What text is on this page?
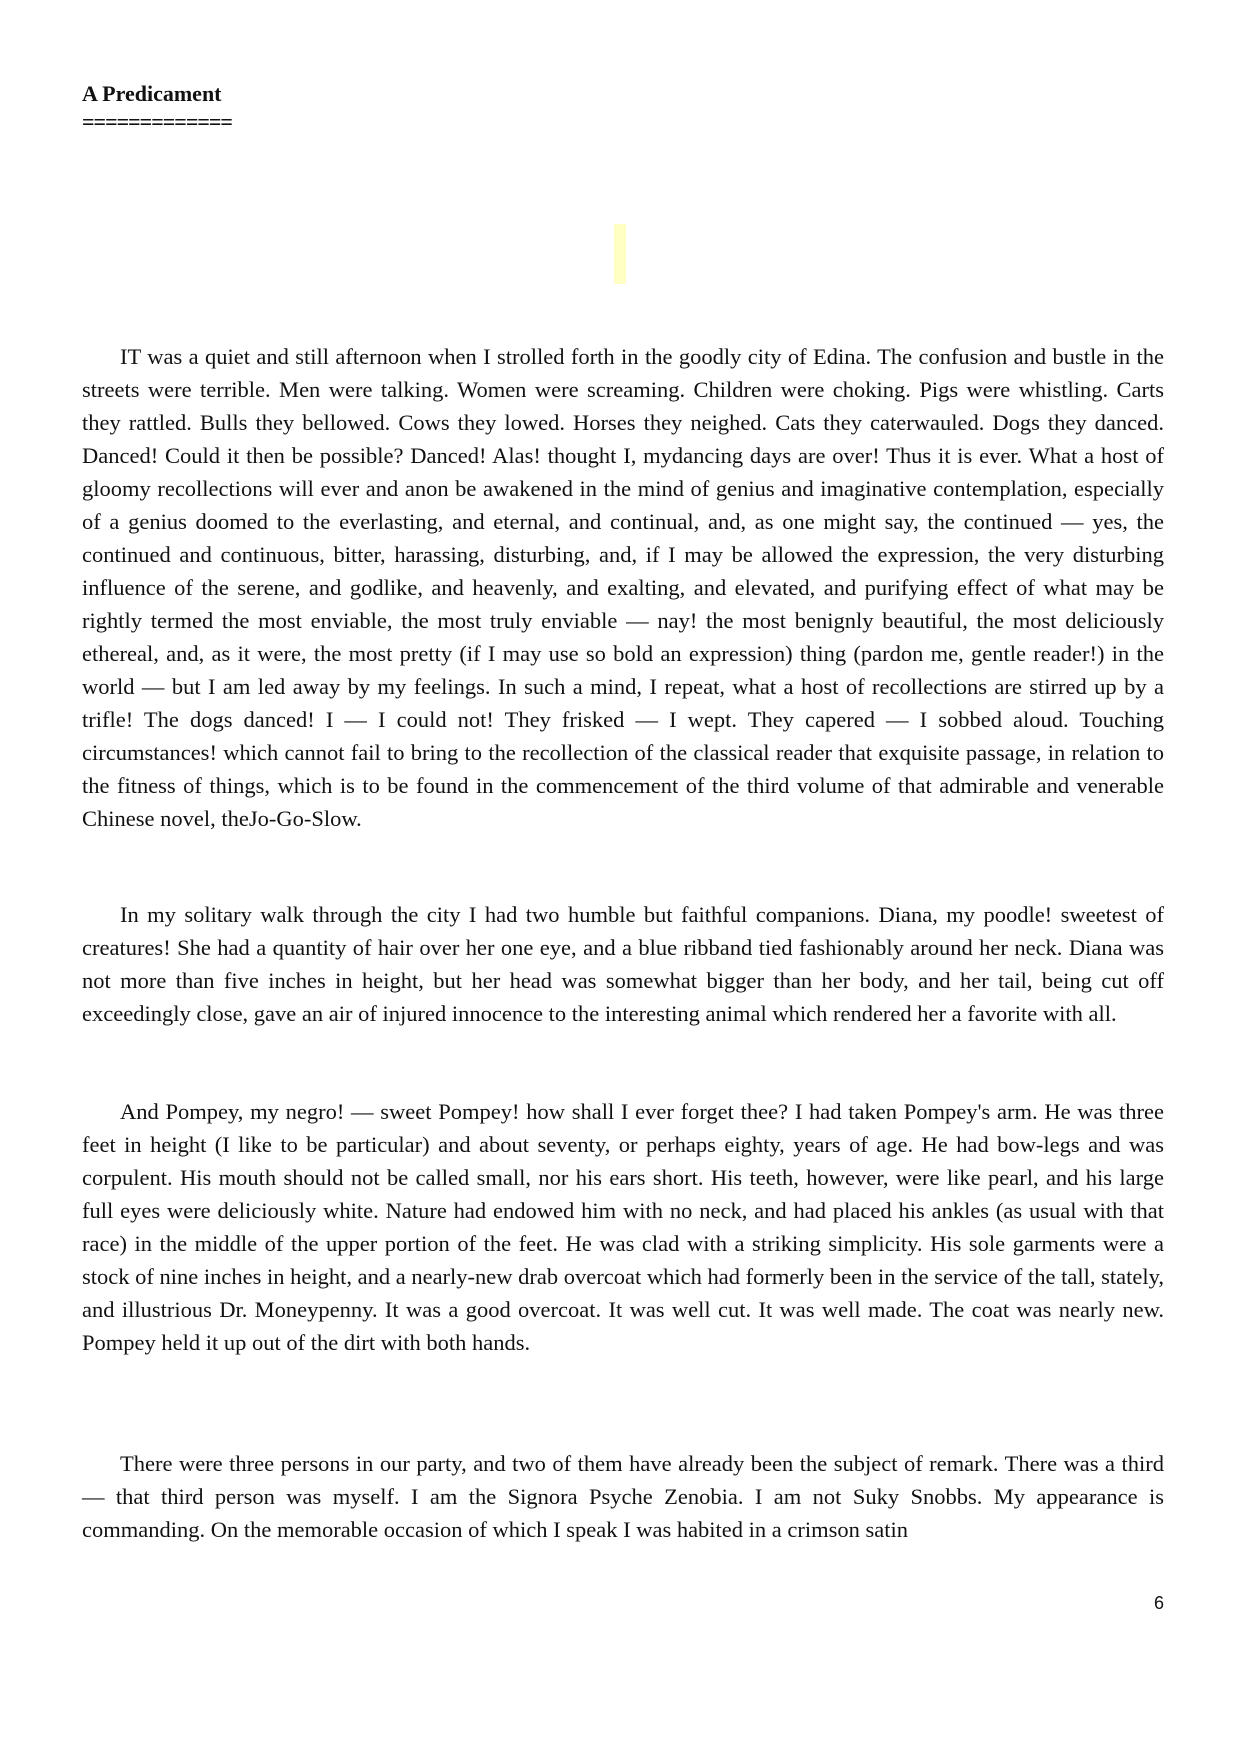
A Predicament
=============

IT was a quiet and still afternoon when I strolled forth in the goodly city of Edina. The confusion and bustle in the streets were terrible. Men were talking. Women were screaming. Children were choking. Pigs were whistling. Carts they rattled. Bulls they bellowed. Cows they lowed. Horses they neighed. Cats they caterwauled. Dogs they danced. Danced! Could it then be possible? Danced! Alas! thought I, mydancing days are over! Thus it is ever. What a host of gloomy recollections will ever and anon be awakened in the mind of genius and imaginative contemplation, especially of a genius doomed to the everlasting, and eternal, and continual, and, as one might say, the continued — yes, the continued and continuous, bitter, harassing, disturbing, and, if I may be allowed the expression, the very disturbing influence of the serene, and godlike, and heavenly, and exalting, and elevated, and purifying effect of what may be rightly termed the most enviable, the most truly enviable — nay! the most benignly beautiful, the most deliciously ethereal, and, as it were, the most pretty (if I may use so bold an expression) thing (pardon me, gentle reader!) in the world — but I am led away by my feelings. In such a mind, I repeat, what a host of recollections are stirred up by a trifle! The dogs danced! I — I could not! They frisked — I wept. They capered — I sobbed aloud. Touching circumstances! which cannot fail to bring to the recollection of the classical reader that exquisite passage, in relation to the fitness of things, which is to be found in the commencement of the third volume of that admirable and venerable Chinese novel, theJo-Go-Slow.

In my solitary walk through the city I had two humble but faithful companions. Diana, my poodle! sweetest of creatures! She had a quantity of hair over her one eye, and a blue ribband tied fashionably around her neck. Diana was not more than five inches in height, but her head was somewhat bigger than her body, and her tail, being cut off exceedingly close, gave an air of injured innocence to the interesting animal which rendered her a favorite with all.

And Pompey, my negro! — sweet Pompey! how shall I ever forget thee? I had taken Pompey's arm. He was three feet in height (I like to be particular) and about seventy, or perhaps eighty, years of age. He had bow-legs and was corpulent. His mouth should not be called small, nor his ears short. His teeth, however, were like pearl, and his large full eyes were deliciously white. Nature had endowed him with no neck, and had placed his ankles (as usual with that race) in the middle of the upper portion of the feet. He was clad with a striking simplicity. His sole garments were a stock of nine inches in height, and a nearly-new drab overcoat which had formerly been in the service of the tall, stately, and illustrious Dr. Moneypenny. It was a good overcoat. It was well cut. It was well made. The coat was nearly new. Pompey held it up out of the dirt with both hands.

There were three persons in our party, and two of them have already been the subject of remark. There was a third — that third person was myself. I am the Signora Psyche Zenobia. I am not Suky Snobbs. My appearance is commanding. On the memorable occasion of which I speak I was habited in a crimson satin

6
